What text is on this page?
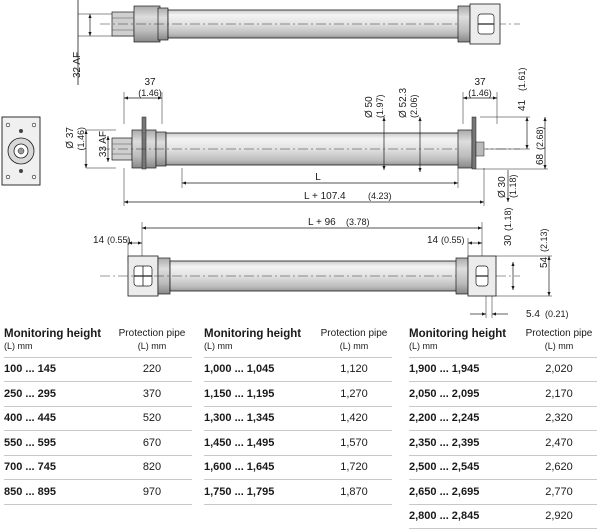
32 AF
Ø 37 (1.46) 33 AF
37
(1.46)
37
(1.46)
Ø 50 (1.97) Ø 52.3 (2.06)	41
(1.61)
68
(2.68)
L
L + 107.4 (4.23)	Ø 30 (1.18)
L + 96 (3.78)
14 (0.55)	14 (0.55)	30
(1.18)
54
(2.13)
5.4 (0.21)
Monitoring height
(L) mm	Protection pipe
(L) mm

100 ... 145	220
250 ... 295	370
400 ... 445	520
550 ... 595	670
700 ... 745	820
850 ... 895	970
Monitoring height
(L) mm	Protection pipe
(L) mm

1,000 ... 1,045	1,120
1,150 ... 1,195	1,270
1,300 ... 1,345	1,420
1,450 ... 1,495	1,570
1,600 ... 1,645	1,720
1,750 ... 1,795	1,870
Monitoring height
(L) mm	Protection pipe
(L) mm

1,900 ... 1,945	2,020
2,050 ... 2,095	2,170
2,200 ... 2,245	2,320
2,350 ... 2,395	2,470
2,500 ... 2,545	2,620
2,650 ... 2,695	2,770
2,800 ... 2,845	2,920
